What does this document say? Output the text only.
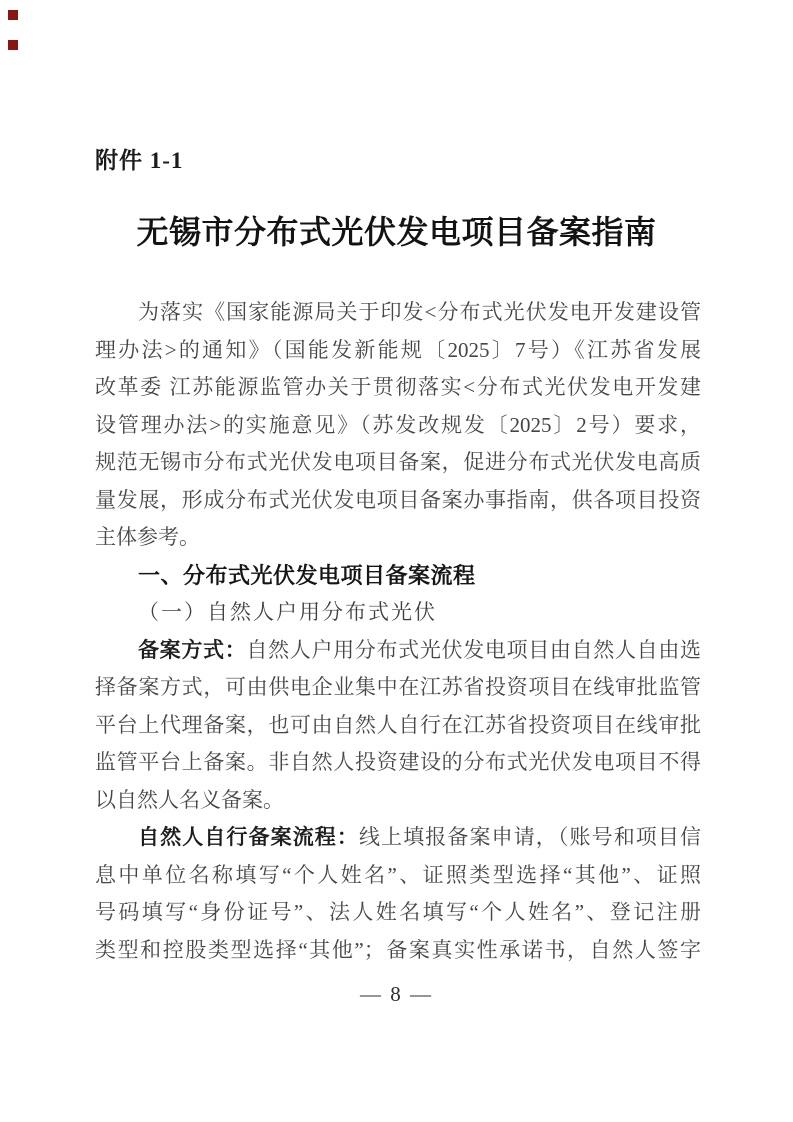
附件 1-1
无锡市分布式光伏发电项目备案指南
为落实《国家能源局关于印发<分布式光伏发电开发建设管
理办法>的通知》（国能发新能规〔2025〕7号）《江苏省发展
改革委 江苏能源监管办关于贯彻落实<分布式光伏发电开发建
设管理办法>的实施意见》（苏发改规发〔2025〕2号）要求，
规范无锡市分布式光伏发电项目备案，促进分布式光伏发电高质
量发展，形成分布式光伏发电项目备案办事指南，供各项目投资
主体参考。
一、分布式光伏发电项目备案流程
（一）自然人户用分布式光伏
备案方式：自然人户用分布式光伏发电项目由自然人自由选
择备案方式，可由供电企业集中在江苏省投资项目在线审批监管
平台上代理备案，也可由自然人自行在江苏省投资项目在线审批
监管平台上备案。非自然人投资建设的分布式光伏发电项目不得
以自然人名义备案。
自然人自行备案流程：线上填报备案申请，（账号和项目信
息中单位名称填写“个人姓名”、证照类型选择“其他”、证照
号码填写“身份证号”、法人姓名填写“个人姓名”、登记注册
类型和控股类型选择“其他”；备案真实性承诺书，自然人签字
— 8 —
